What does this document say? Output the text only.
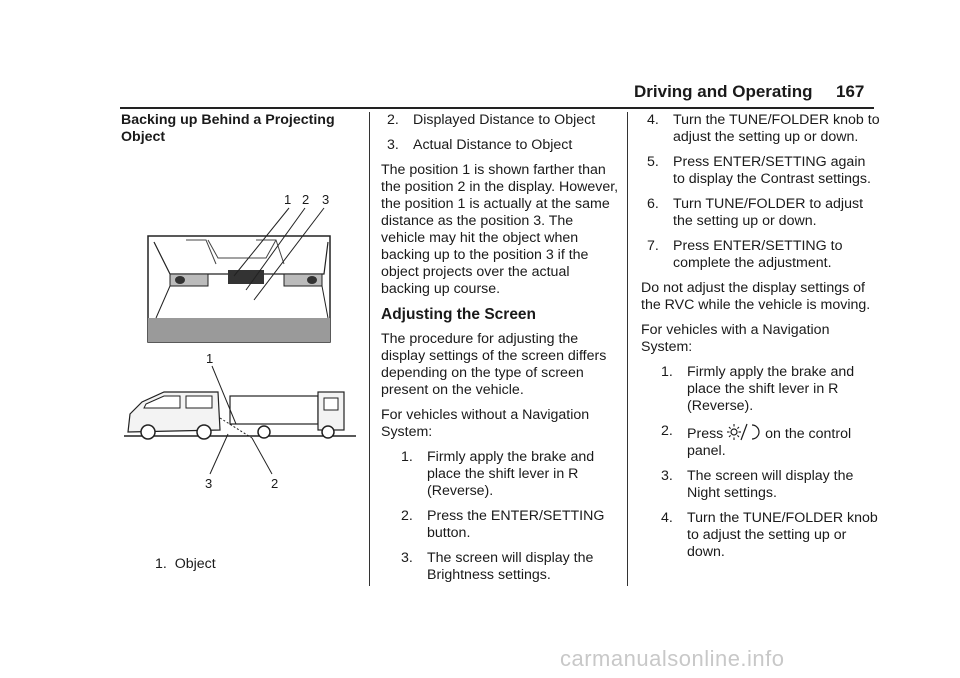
Driving and Operating 167
Backing up Behind a Projecting Object
1 2 3
1
3	2
1.  Object
2. Displayed Distance to Object
3. Actual Distance to Object

The position 1 is shown farther than the position 2 in the display. However, the position 1 is actually at the same distance as the position 3. The vehicle may hit the object when backing up to the position 3 if the object projects over the actual backing up course.

Adjusting the Screen

The procedure for adjusting the display settings of the screen differs depending on the type of screen present on the vehicle.

For vehicles without a Navigation System:

1. Firmly apply the brake and place the shift lever in R (Reverse).
2. Press the ENTER/SETTING button.
3. The screen will display the Brightness settings.
4. Turn the TUNE/FOLDER knob to adjust the setting up or down.
5. Press ENTER/SETTING again to display the Contrast settings.
6. Turn TUNE/FOLDER to adjust the setting up or down.
7. Press ENTER/SETTING to complete the adjustment.

Do not adjust the display settings of the RVC while the vehicle is moving.

For vehicles with a Navigation System:

1. Firmly apply the brake and place the shift lever in R (Reverse).
2. Press	on the control panel.
3. The screen will display the Night settings.
4. Turn the TUNE/FOLDER knob to adjust the setting up or down.
carmanualsonline.info
